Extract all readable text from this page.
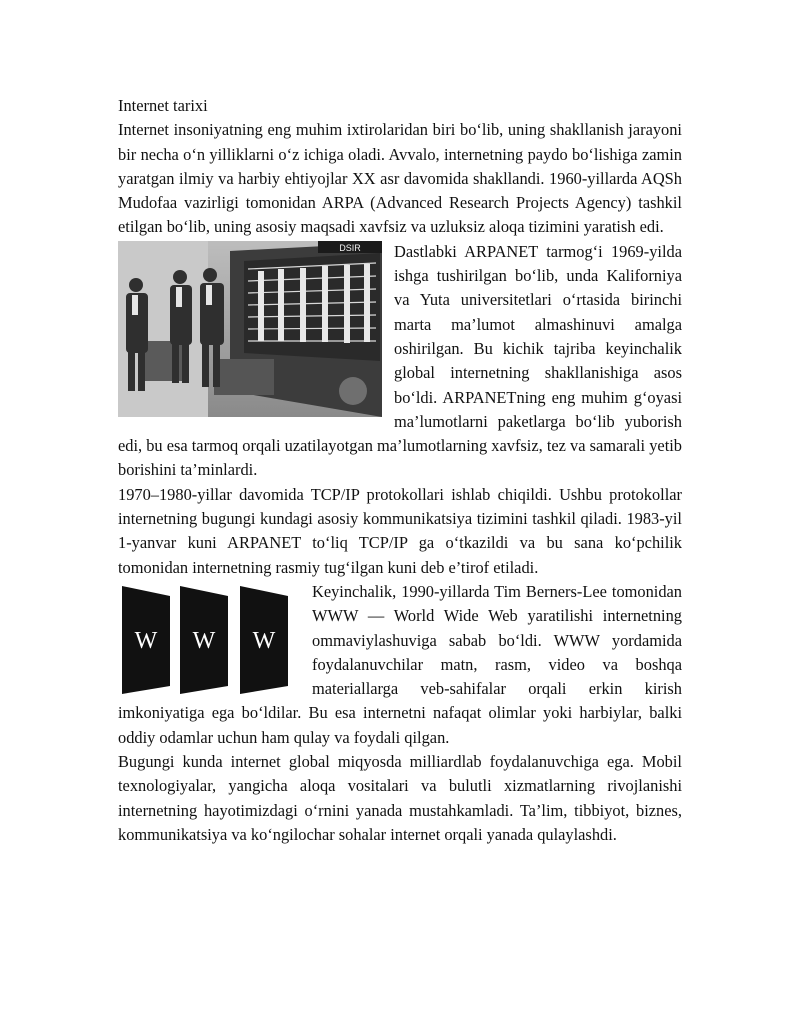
Internet tarixi

Internet insoniyatning eng muhim ixtirolaridan biri bo‘lib, uning shakllanish jarayoni bir necha o‘n yilliklarni o‘z ichiga oladi. Avvalo, internetning paydo bo‘lishiga zamin yaratgan ilmiy va harbiy ehtiyojlar XX asr davomida shakllandi. 1960-yillarda AQSh Mudofaa vazirligi tomonidan ARPA (Advanced Research Projects Agency) tashkil etilgan bo‘lib, uning asosiy maqsadi xavfsiz va uzluksiz aloqa tizimini yaratish edi.

DSIR	Dastlabki ARPANET tarmog‘i 1969-yilda ishga tushirilgan bo‘lib, unda Kaliforniya va Yuta universitetlari o‘rtasida birinchi marta ma’lumot almashinuvi amalga oshirilgan. Bu kichik tajriba keyinchalik global internetning shakllanishiga asos bo‘ldi. ARPANETning eng muhim g‘oyasi ma’lumotlarni paketlarga bo‘lib yuborish edi, bu esa tarmoq orqali uzatilayotgan ma’lumotlarning xavfsiz, tez va samarali yetib borishini ta’minlardi.

1970–1980-yillar davomida TCP/IP protokollari ishlab chiqildi. Ushbu protokollar internetning bugungi kundagi asosiy kommunikatsiya tizimini tashkil qiladi. 1983-yil 1-yanvar kuni ARPANET to‘liq TCP/IP ga o‘tkazildi va bu sana ko‘pchilik tomonidan internetning rasmiy tug‘ilgan kuni deb e’tirof etiladi.

W W W

Keyinchalik, 1990-yillarda Tim Berners-Lee tomonidan WWW — World Wide Web yaratilishi internetning ommaviylashuviga sabab bo‘ldi. WWW yordamida foydalanuvchilar matn, rasm, video va boshqa materiallarga veb-sahifalar orqali erkin kirish imkoniyatiga ega bo‘ldilar. Bu esa internetni nafaqat olimlar yoki harbiylar, balki oddiy odamlar uchun ham qulay va foydali qilgan.

Bugungi kunda internet global miqyosda milliardlab foydalanuvchiga ega. Mobil texnologiyalar, yangicha aloqa vositalari va bulutli xizmatlarning rivojlanishi internetning hayotimizdagi o‘rnini yanada mustahkamladi. Ta’lim, tibbiyot, biznes, kommunikatsiya va ko‘ngilochar sohalar internet orqali yanada qulaylashdi.
